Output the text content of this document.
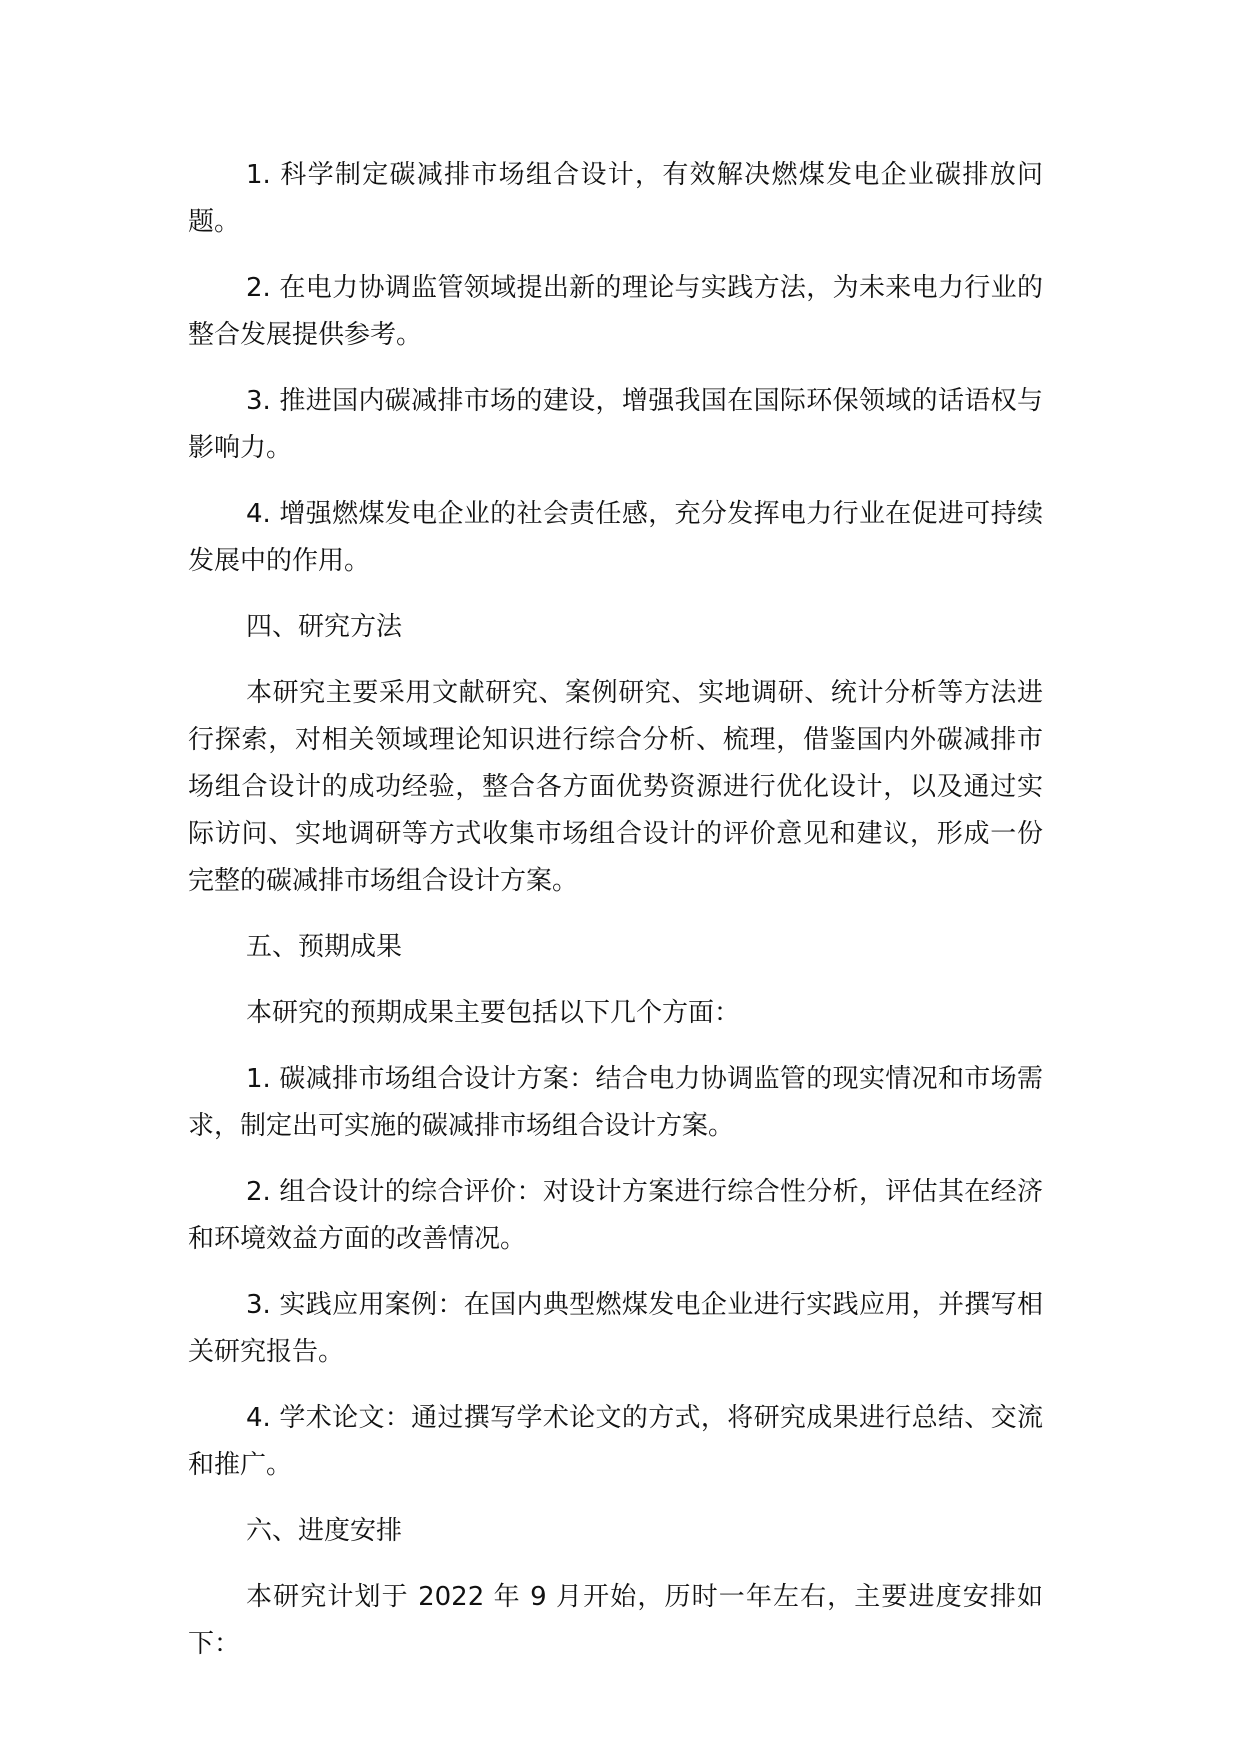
1. 科学制定碳减排市场组合设计，有效解决燃煤发电企业碳排放问题。

2. 在电力协调监管领域提出新的理论与实践方法，为未来电力行业的整合发展提供参考。

3. 推进国内碳减排市场的建设，增强我国在国际环保领域的话语权与影响力。

4. 增强燃煤发电企业的社会责任感，充分发挥电力行业在促进可持续发展中的作用。

四、研究方法

本研究主要采用文献研究、案例研究、实地调研、统计分析等方法进行探索，对相关领域理论知识进行综合分析、梳理，借鉴国内外碳减排市场组合设计的成功经验，整合各方面优势资源进行优化设计，以及通过实际访问、实地调研等方式收集市场组合设计的评价意见和建议，形成一份完整的碳减排市场组合设计方案。

五、预期成果

本研究的预期成果主要包括以下几个方面：

1. 碳减排市场组合设计方案：结合电力协调监管的现实情况和市场需求，制定出可实施的碳减排市场组合设计方案。

2. 组合设计的综合评价：对设计方案进行综合性分析，评估其在经济和环境效益方面的改善情况。

3. 实践应用案例：在国内典型燃煤发电企业进行实践应用，并撰写相关研究报告。

4. 学术论文：通过撰写学术论文的方式，将研究成果进行总结、交流和推广。

六、进度安排

本研究计划于 2022 年 9 月开始，历时一年左右，主要进度安排如下：
